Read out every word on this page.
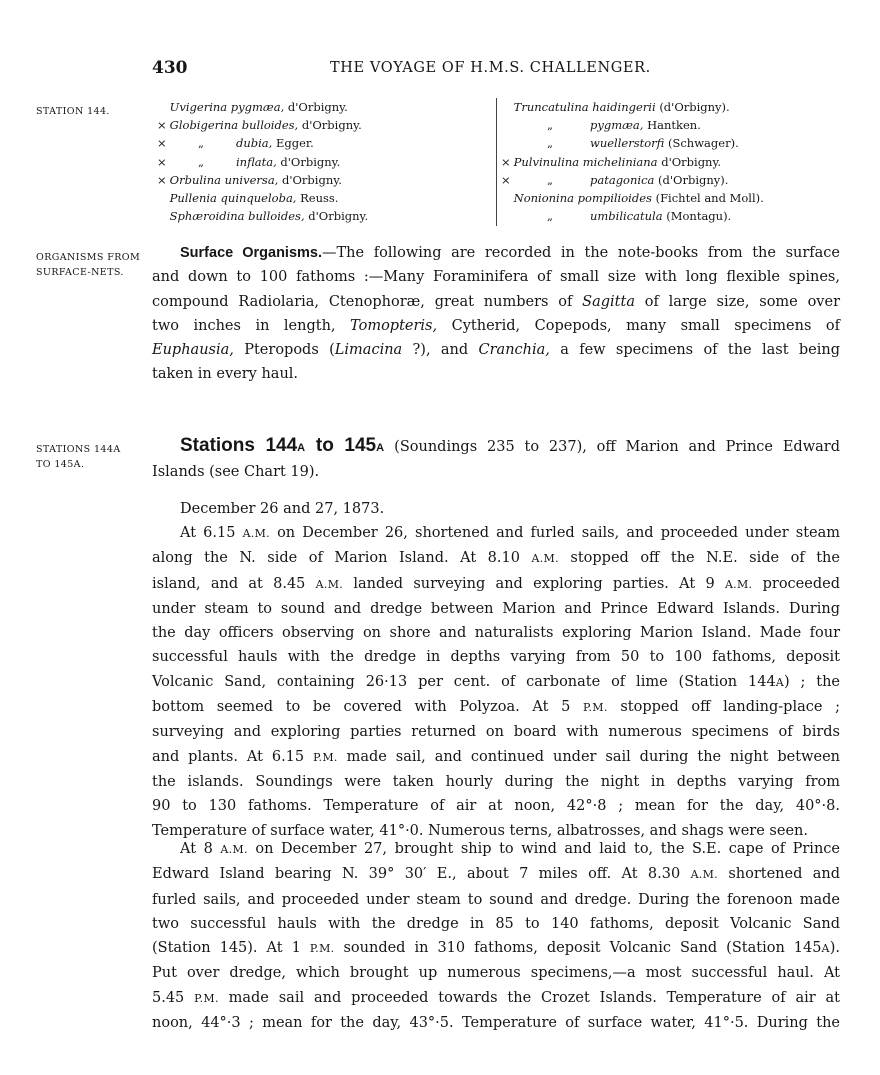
430	THE VOYAGE OF H.M.S. CHALLENGER.
STATION 144.
ORGANISMS FROM
SURFACE-NETS.
STATIONS 144A
TO 145A.
Uvigerina pygmæa, d'Orbigny.
× Globigerina bulloides, d'Orbigny.
×	„	dubia, Egger.
×	„	inflata, d'Orbigny.
× Orbulina universa, d'Orbigny.
Pullenia quinqueloba, Reuss.
Sphæroidina bulloides, d'Orbigny.
Truncatulina haidingerii (d'Orbigny).
„	pygmæa, Hantken.
„	wuellerstorfi (Schwager).
× Pulvinulina micheliniana d'Orbigny.
×	„	patagonica (d'Orbigny).
Nonionina pompilioides (Fichtel and Moll).
„	umbilicatula (Montagu).
Surface Organisms.—The following are recorded in the note-books from the surface
and down to 100 fathoms :—Many Foraminifera of small size with long flexible spines,
compound Radiolaria, Ctenophoræ, great numbers of Sagitta of large size, some over
two inches in length, Tomopteris, Cytherid, Copepods, many small specimens of
Euphausia, Pteropods (Limacina ?), and Cranchia, a few specimens of the last being
taken in every haul.
Stations 144A to 145A (Soundings 235 to 237), off Marion and Prince Edward
Islands (see Chart 19).
December 26 and 27, 1873.
At 6.15 A.M. on December 26, shortened and furled sails, and proceeded under steam
along the N. side of Marion Island. At 8.10 A.M. stopped off the N.E. side of the
island, and at 8.45 A.M. landed surveying and exploring parties. At 9 A.M. proceeded
under steam to sound and dredge between Marion and Prince Edward Islands. During
the day officers observing on shore and naturalists exploring Marion Island. Made four
successful hauls with the dredge in depths varying from 50 to 100 fathoms, deposit
Volcanic Sand, containing 26·13 per cent. of carbonate of lime (Station 144A) ; the
bottom seemed to be covered with Polyzoa. At 5 P.M. stopped off landing-place ;
surveying and exploring parties returned on board with numerous specimens of birds
and plants. At 6.15 P.M. made sail, and continued under sail during the night between
the islands. Soundings were taken hourly during the night in depths varying from
90 to 130 fathoms. Temperature of air at noon, 42°·8 ; mean for the day, 40°·8.
Temperature of surface water, 41°·0. Numerous terns, albatrosses, and shags were seen.
At 8 A.M. on December 27, brought ship to wind and laid to, the S.E. cape of Prince
Edward Island bearing N. 39° 30′ E., about 7 miles off. At 8.30 A.M. shortened and
furled sails, and proceeded under steam to sound and dredge. During the forenoon made
two successful hauls with the dredge in 85 to 140 fathoms, deposit Volcanic Sand
(Station 145). At 1 P.M. sounded in 310 fathoms, deposit Volcanic Sand (Station 145A).
Put over dredge, which brought up numerous specimens,—a most successful haul. At
5.45 P.M. made sail and proceeded towards the Crozet Islands. Temperature of air at
noon, 44°·3 ; mean for the day, 43°·5. Temperature of surface water, 41°·5. During the
